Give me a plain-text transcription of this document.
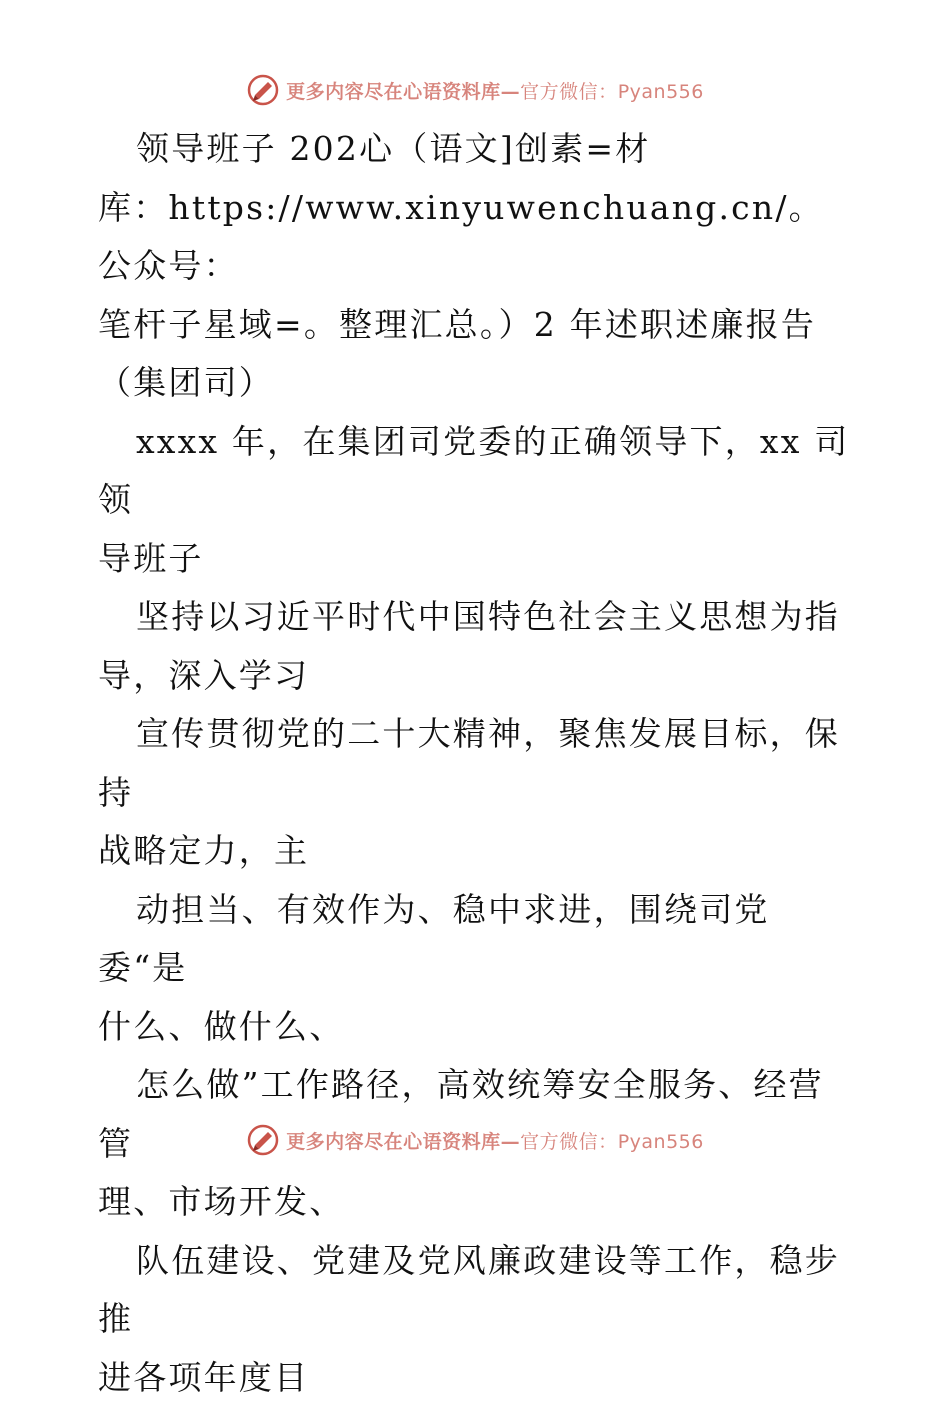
更多内容尽在心语资料库—官方微信：Pyan556

领导班子 202心（语文]创素=材

库：https://www.xinyuwenchuang.cn/。公众号：

笔杆子星域=。整理汇总。）2 年述职述廉报告

（集团司）

xxxx 年，在集团司党委的正确领导下，xx 司领

导班子

坚持以习近平时代中国特色社会主义思想为指

导，深入学习

宣传贯彻党的二十大精神，聚焦发展目标，保持

战略定力，主

动担当、有效作为、稳中求进，围绕司党委“是

什么、做什么、

怎么做”工作路径，高效统筹安全服务、经营管

理、市场开发、

队伍建设、党建及党风廉政建设等工作，稳步推

进各项年度目

更多内容尽在心语资料库—官方微信：Pyan556
